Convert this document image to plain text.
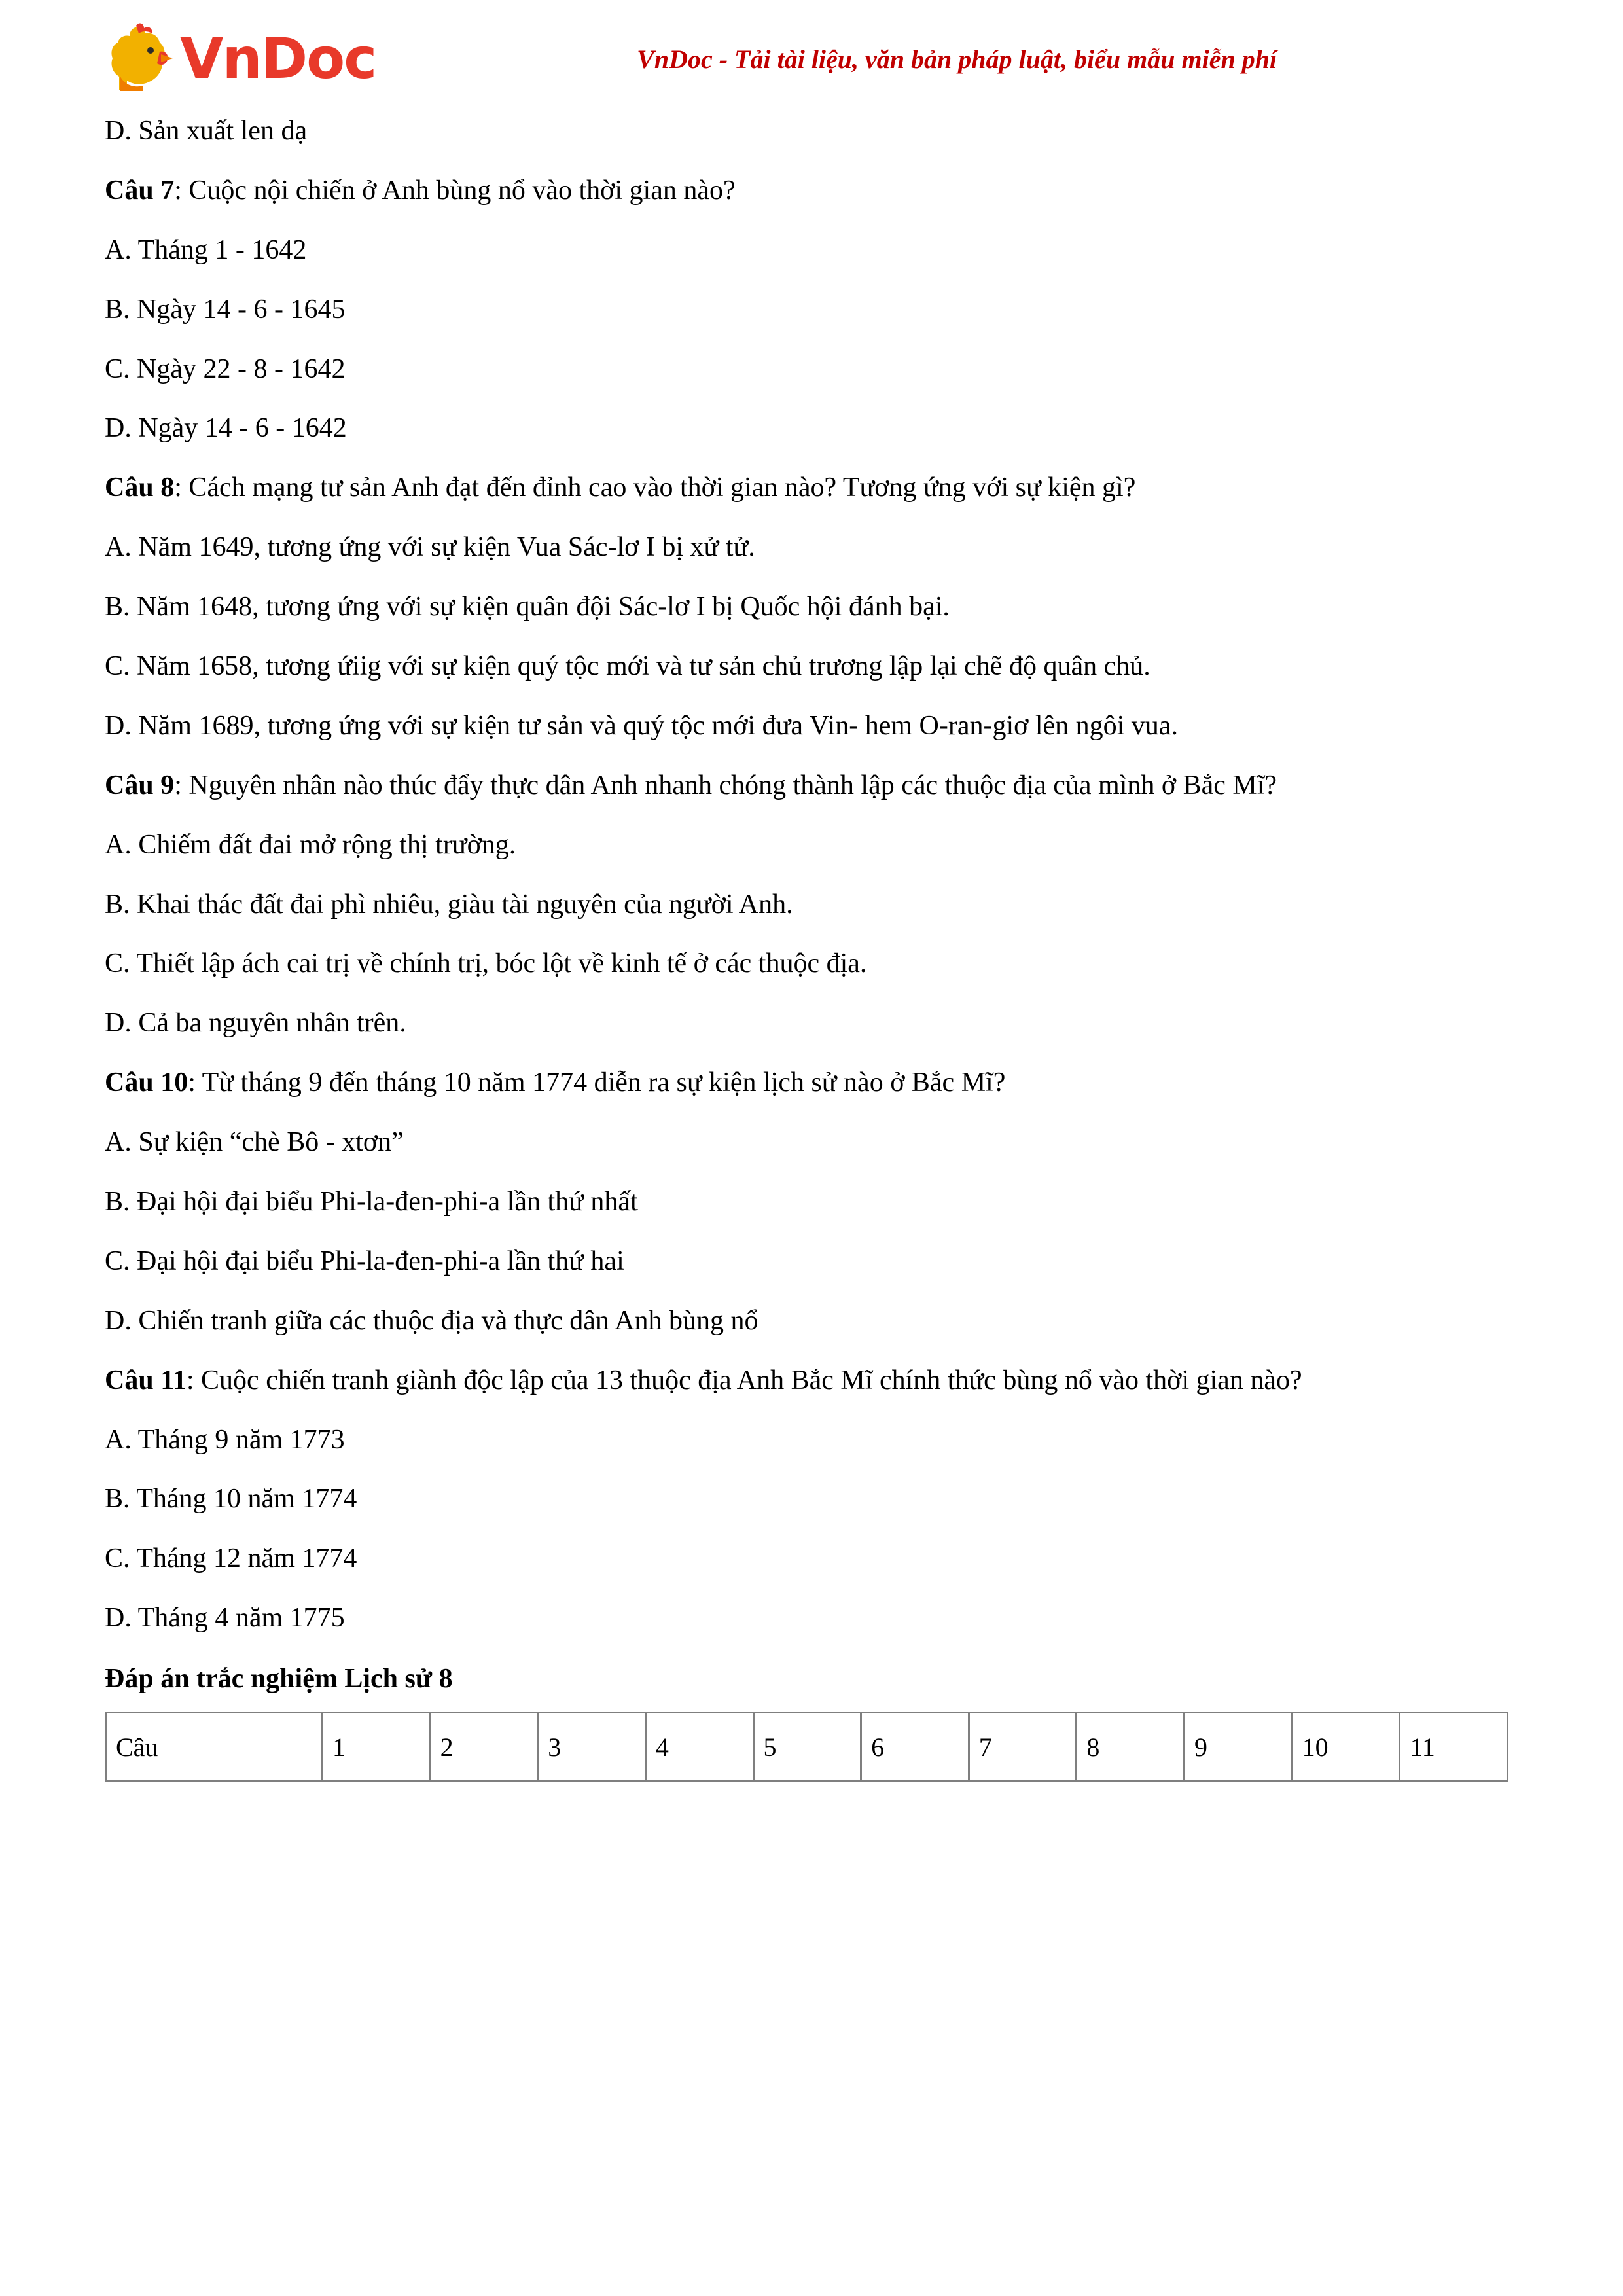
VnDoc	VnDoc - Tải tài liệu, văn bản pháp luật, biểu mẫu miễn phí

D. Sản xuất len dạ

Câu 7: Cuộc nội chiến ở Anh bùng nổ vào thời gian nào?

A. Tháng 1 - 1642

B. Ngày 14 - 6 - 1645

C. Ngày 22 - 8 - 1642

D. Ngày 14 - 6 - 1642

Câu 8: Cách mạng tư sản Anh đạt đến đỉnh cao vào thời gian nào? Tương ứng với sự kiện gì?

A. Năm 1649, tương ứng với sự kiện Vua Sác-lơ I bị xử tử.

B. Năm 1648, tương ứng với sự kiện quân đội Sác-lơ I bị Quốc hội đánh bại.

C. Năm 1658, tương ứiig với sự kiện quý tộc mới và tư sản chủ trương lập lại chẽ độ quân chủ.

D. Năm 1689, tương ứng với sự kiện tư sản và quý tộc mới đưa Vin- hem O-ran-giơ lên ngôi vua.

Câu 9: Nguyên nhân nào thúc đẩy thực dân Anh nhanh chóng thành lập các thuộc địa của mình ở Bắc Mĩ?

A. Chiếm đất đai mở rộng thị trường.

B. Khai thác đất đai phì nhiêu, giàu tài nguyên của người Anh.

C. Thiết lập ách cai trị về chính trị, bóc lột về kinh tế ở các thuộc địa.

D. Cả ba nguyên nhân trên.

Câu 10: Từ tháng 9 đến tháng 10 năm 1774 diễn ra sự kiện lịch sử nào ở Bắc Mĩ?

A. Sự kiện “chè Bô - xtơn”

B. Đại hội đại biểu Phi-la-đen-phi-a lần thứ nhất

C. Đại hội đại biểu Phi-la-đen-phi-a lần thứ hai

D. Chiến tranh giữa các thuộc địa và thực dân Anh bùng nổ

Câu 11: Cuộc chiến tranh giành độc lập của 13 thuộc địa Anh Bắc Mĩ chính thức bùng nổ vào thời gian nào?

A. Tháng 9 năm 1773

B. Tháng 10 năm 1774

C. Tháng 12 năm 1774

D. Tháng 4 năm 1775

Đáp án trắc nghiệm Lịch sử 8
Câu	1	2	3	4	5	6	7	8	9	10	11
